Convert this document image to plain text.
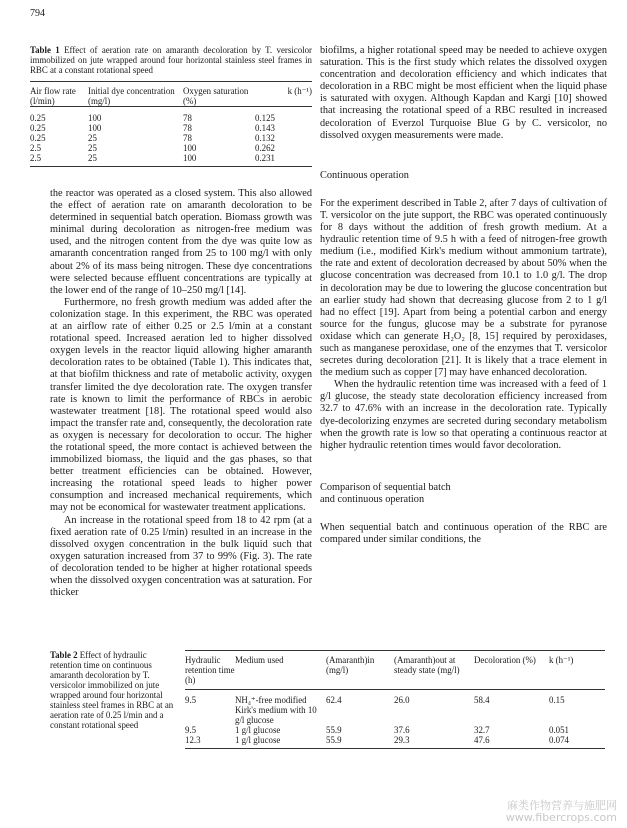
794
Table 1 Effect of aeration rate on amaranth decoloration by T. versicolor immobilized on jute wrapped around four horizontal stainless steel frames in RBC at a constant rotational speed
Air flow rate (l/min)	Initial dye concentration (mg/l)	Oxygen saturation (%)	k (h⁻¹)
0.25	100	78	0.125
0.25	100	78	0.143
0.25	25	78	0.132
2.5	25	100	0.262
2.5	25	100	0.231

the reactor was operated as a closed system. This also allowed the effect of aeration rate on amaranth decoloration to be determined in sequential batch operation. Biomass growth was minimal during decoloration as nitrogen-free medium was used, and the nitrogen content from the dye was quite low as amaranth concentration ranged from 25 to 100 mg/l with only about 2% of its mass being nitrogen. These dye concentrations were selected because effluent concentrations are typically at the lower end of the range of 10–250 mg/l [14].

Furthermore, no fresh growth medium was added after the colonization stage. In this experiment, the RBC was operated at an airflow rate of either 0.25 or 2.5 l/min at a constant rotational speed. Increased aeration led to higher dissolved oxygen levels in the reactor liquid allowing higher amaranth decoloration rates to be obtained (Table 1). This indicates that, at that biofilm thickness and rate of metabolic activity, oxygen transfer limited the dye decoloration rate. The oxygen transfer rate is known to limit the performance of RBCs in aerobic wastewater treatment [18]. The rotational speed would also impact the transfer rate and, consequently, the decoloration rate as oxygen is necessary for decoloration to occur. The higher the rotational speed, the more contact is achieved between the immobilized biomass, the liquid and the gas phases, so that better treatment efficiencies can be obtained. However, increasing the rotational speed leads to higher power consumption and increased mechanical requirements, which may not be economical for wastewater treatment applications.

An increase in the rotational speed from 18 to 42 rpm (at a fixed aeration rate of 0.25 l/min) resulted in an increase in the dissolved oxygen concentration in the bulk liquid such that oxygen saturation increased from 37 to 99% (Fig. 3). The rate of decoloration tended to be higher at higher rotational speeds when the dissolved oxygen concentration was at saturation. For thicker

biofilms, a higher rotational speed may be needed to achieve oxygen saturation. This is the first study which relates the dissolved oxygen concentration and decoloration efficiency and which indicates that decoloration in a RBC might be most efficient when the liquid phase is saturated with oxygen. Although Kapdan and Kargi [10] showed that increasing the rotational speed of a RBC resulted in increased decoloration of Everzol Turquoise Blue G by C. versicolor, no dissolved oxygen measurements were made.

Continuous operation

For the experiment described in Table 2, after 7 days of cultivation of T. versicolor on the jute support, the RBC was operated continuously for 8 days without the addition of fresh growth medium. At a hydraulic retention time of 9.5 h with a feed of nitrogen-free growth medium (i.e., modified Kirk's medium without ammonium tartrate), the rate and extent of decoloration decreased by about 50% when the glucose concentration was decreased from 10.1 to 1.0 g/l. The drop in decoloration may be due to lowering the glucose concentration but an earlier study had shown that decreasing glucose from 2 to 1 g/l had no effect [19]. Apart from being a potential carbon and energy source for the fungus, glucose may be a substrate for pyranose oxidase which can generate H₂O₂ [8, 15] required by peroxidases, such as manganese peroxidase, one of the enzymes that T. versicolor secretes during decoloration [21]. It is likely that a trace element in the medium such as copper [7] may have enhanced decoloration.

When the hydraulic retention time was increased with a feed of 1 g/l glucose, the steady state decoloration efficiency increased from 32.7 to 47.6% with an increase in the decoloration rate. Typically dye-decolorizing enzymes are secreted during secondary metabolism when the growth rate is low so that operating a continuous reactor at higher hydraulic retention times would favor decoloration.

Comparison of sequential batch
and continuous operation

When sequential batch and continuous operation of the RBC are compared under similar conditions, the

Table 2 Effect of hydraulic retention time on continuous amaranth decoloration by T. versicolor immobilized on jute wrapped around four horizontal stainless steel frames in RBC at an aeration rate of 0.25 l/min and a constant rotational speed
Hydraulic retention time (h)	Medium used	(Amaranth)in (mg/l)	(Amaranth)out at steady state (mg/l)	Decoloration (%)	k (h⁻¹)
9.5	NH₄⁺-free modified Kirk's medium with 10 g/l glucose	62.4	26.0	58.4	0.15
9.5	1 g/l glucose	55.9	37.6	32.7	0.051
12.3	1 g/l glucose	55.9	29.3	47.6	0.074
麻类作物营养与施肥网
www.fibercrops.com
